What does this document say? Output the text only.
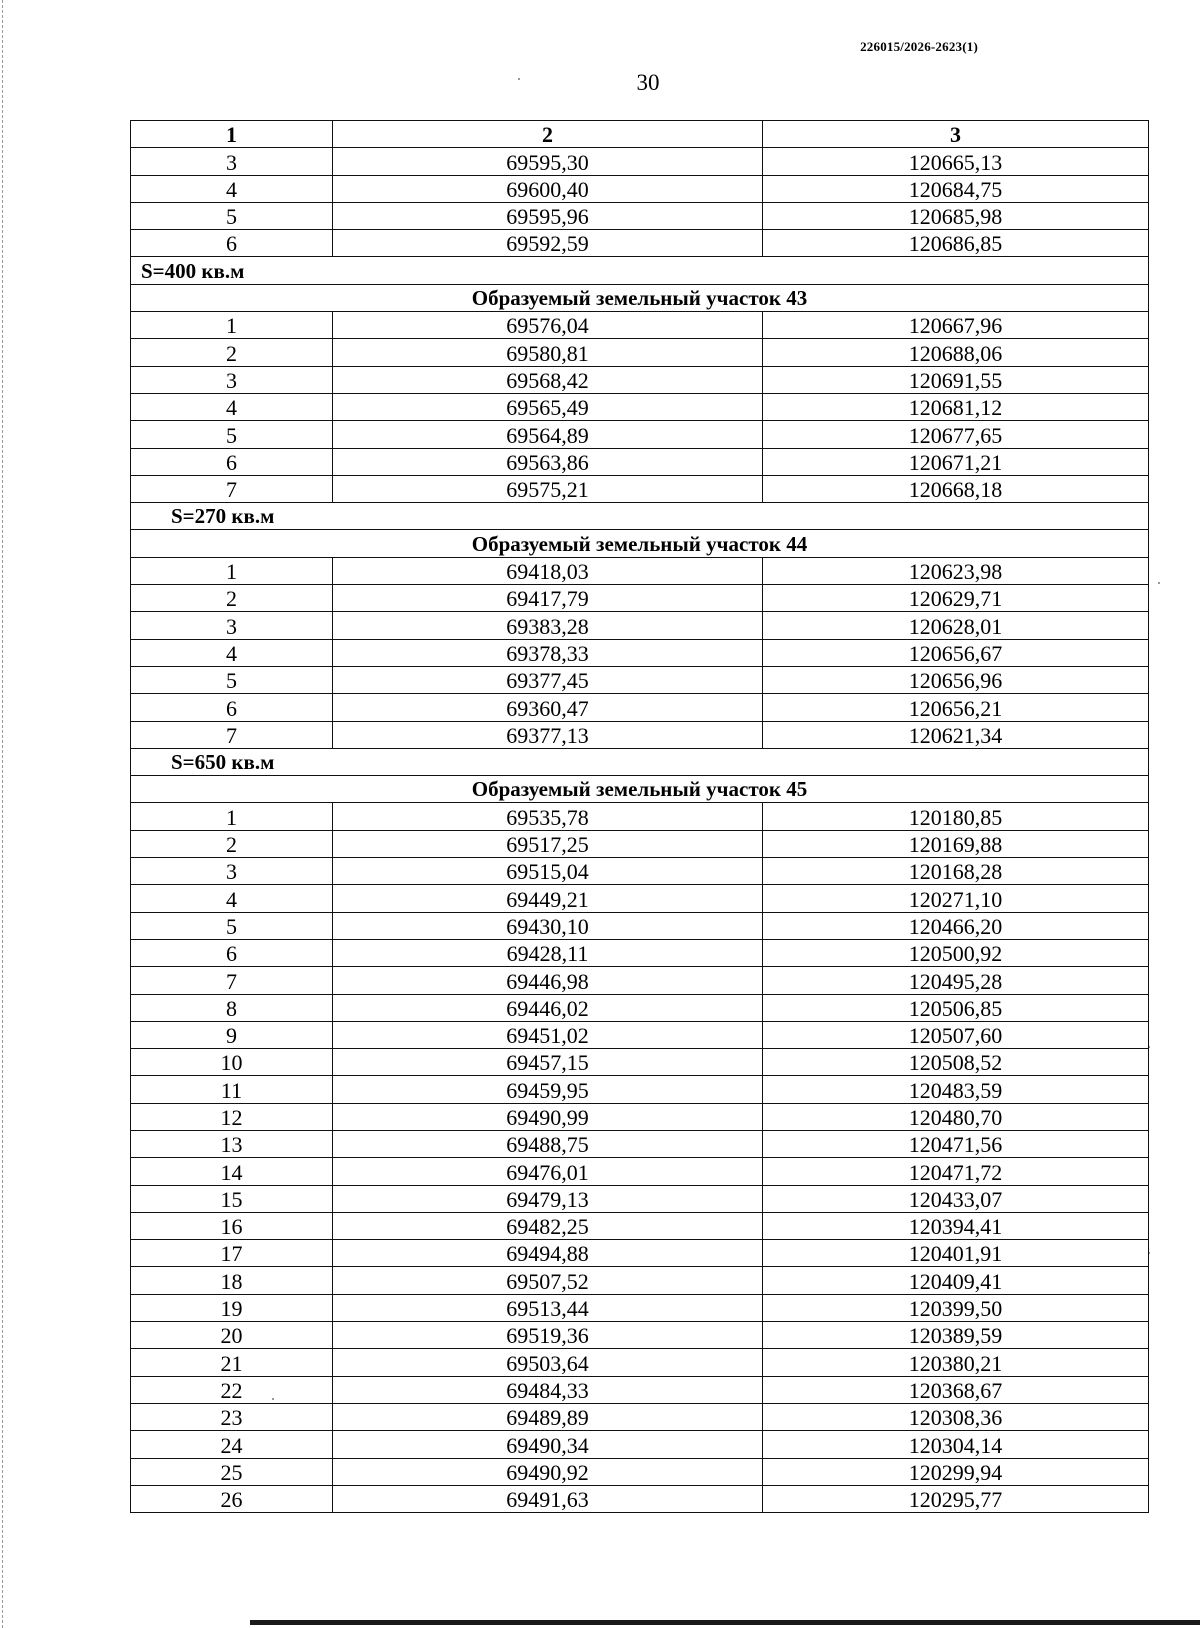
226015/2026-2623(1)
30
1	2	3
3	69595,30	120665,13
4	69600,40	120684,75
5	69595,96	120685,98
6	69592,59	120686,85
S=400 кв.м		
Образуемый земельный участок 43		
1	69576,04	120667,96
2	69580,81	120688,06
3	69568,42	120691,55
4	69565,49	120681,12
5	69564,89	120677,65
6	69563,86	120671,21
7	69575,21	120668,18
S=270 кв.м		
Образуемый земельный участок 44		
1	69418,03	120623,98
2	69417,79	120629,71
3	69383,28	120628,01
4	69378,33	120656,67
5	69377,45	120656,96
6	69360,47	120656,21
7	69377,13	120621,34
S=650 кв.м		
Образуемый земельный участок 45		
1	69535,78	120180,85
2	69517,25	120169,88
3	69515,04	120168,28
4	69449,21	120271,10
5	69430,10	120466,20
6	69428,11	120500,92
7	69446,98	120495,28
8	69446,02	120506,85
9	69451,02	120507,60
10	69457,15	120508,52
11	69459,95	120483,59
12	69490,99	120480,70
13	69488,75	120471,56
14	69476,01	120471,72
15	69479,13	120433,07
16	69482,25	120394,41
17	69494,88	120401,91
18	69507,52	120409,41
19	69513,44	120399,50
20	69519,36	120389,59
21	69503,64	120380,21
22	69484,33	120368,67
23	69489,89	120308,36
24	69490,34	120304,14
25	69490,92	120299,94
26	69491,63	120295,77
